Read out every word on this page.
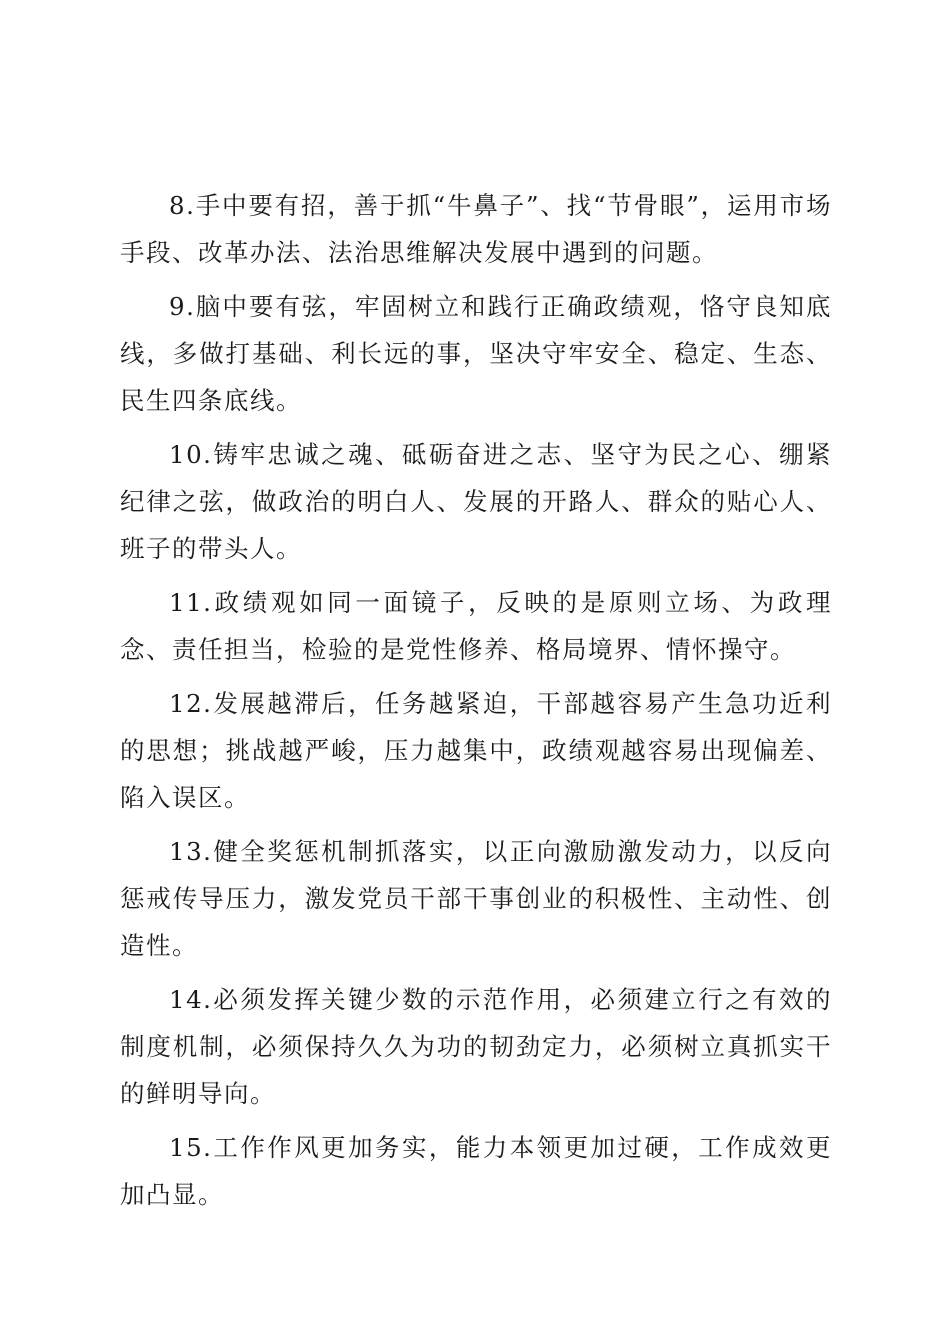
8.手中要有招，善于抓“牛鼻子”、找“节骨眼”，运用市场手段、改革办法、法治思维解决发展中遇到的问题。

9.脑中要有弦，牢固树立和践行正确政绩观，恪守良知底线，多做打基础、利长远的事，坚决守牢安全、稳定、生态、民生四条底线。

10.铸牢忠诚之魂、砥砺奋进之志、坚守为民之心、绷紧纪律之弦，做政治的明白人、发展的开路人、群众的贴心人、班子的带头人。

11.政绩观如同一面镜子，反映的是原则立场、为政理念、责任担当，检验的是党性修养、格局境界、情怀操守。

12.发展越滞后，任务越紧迫，干部越容易产生急功近利的思想；挑战越严峻，压力越集中，政绩观越容易出现偏差、陷入误区。

13.健全奖惩机制抓落实，以正向激励激发动力，以反向惩戒传导压力，激发党员干部干事创业的积极性、主动性、创造性。

14.必须发挥关键少数的示范作用，必须建立行之有效的制度机制，必须保持久久为功的韧劲定力，必须树立真抓实干的鲜明导向。

15.工作作风更加务实，能力本领更加过硬，工作成效更加凸显。
